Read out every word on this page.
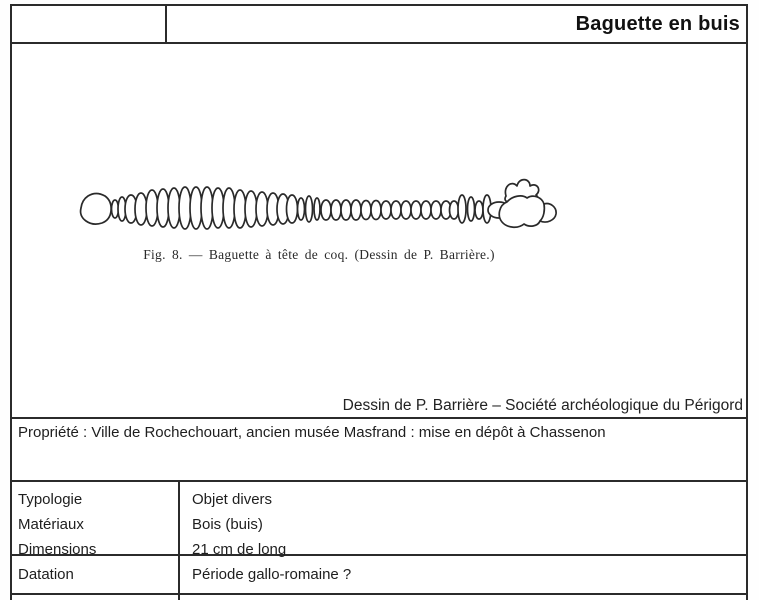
Baguette en buis
Fig. 8. — Baguette à tête de coq. (Dessin de P. Barrière.)
Dessin de P. Barrière – Société archéologique du Périgord
Propriété : Ville de Rochechouart, ancien musée Masfrand : mise en dépôt à Chassenon
Typologie
Matériaux
Dimensions
Objet divers
Bois (buis)
21 cm de long
Datation	Période gallo-romaine ?
